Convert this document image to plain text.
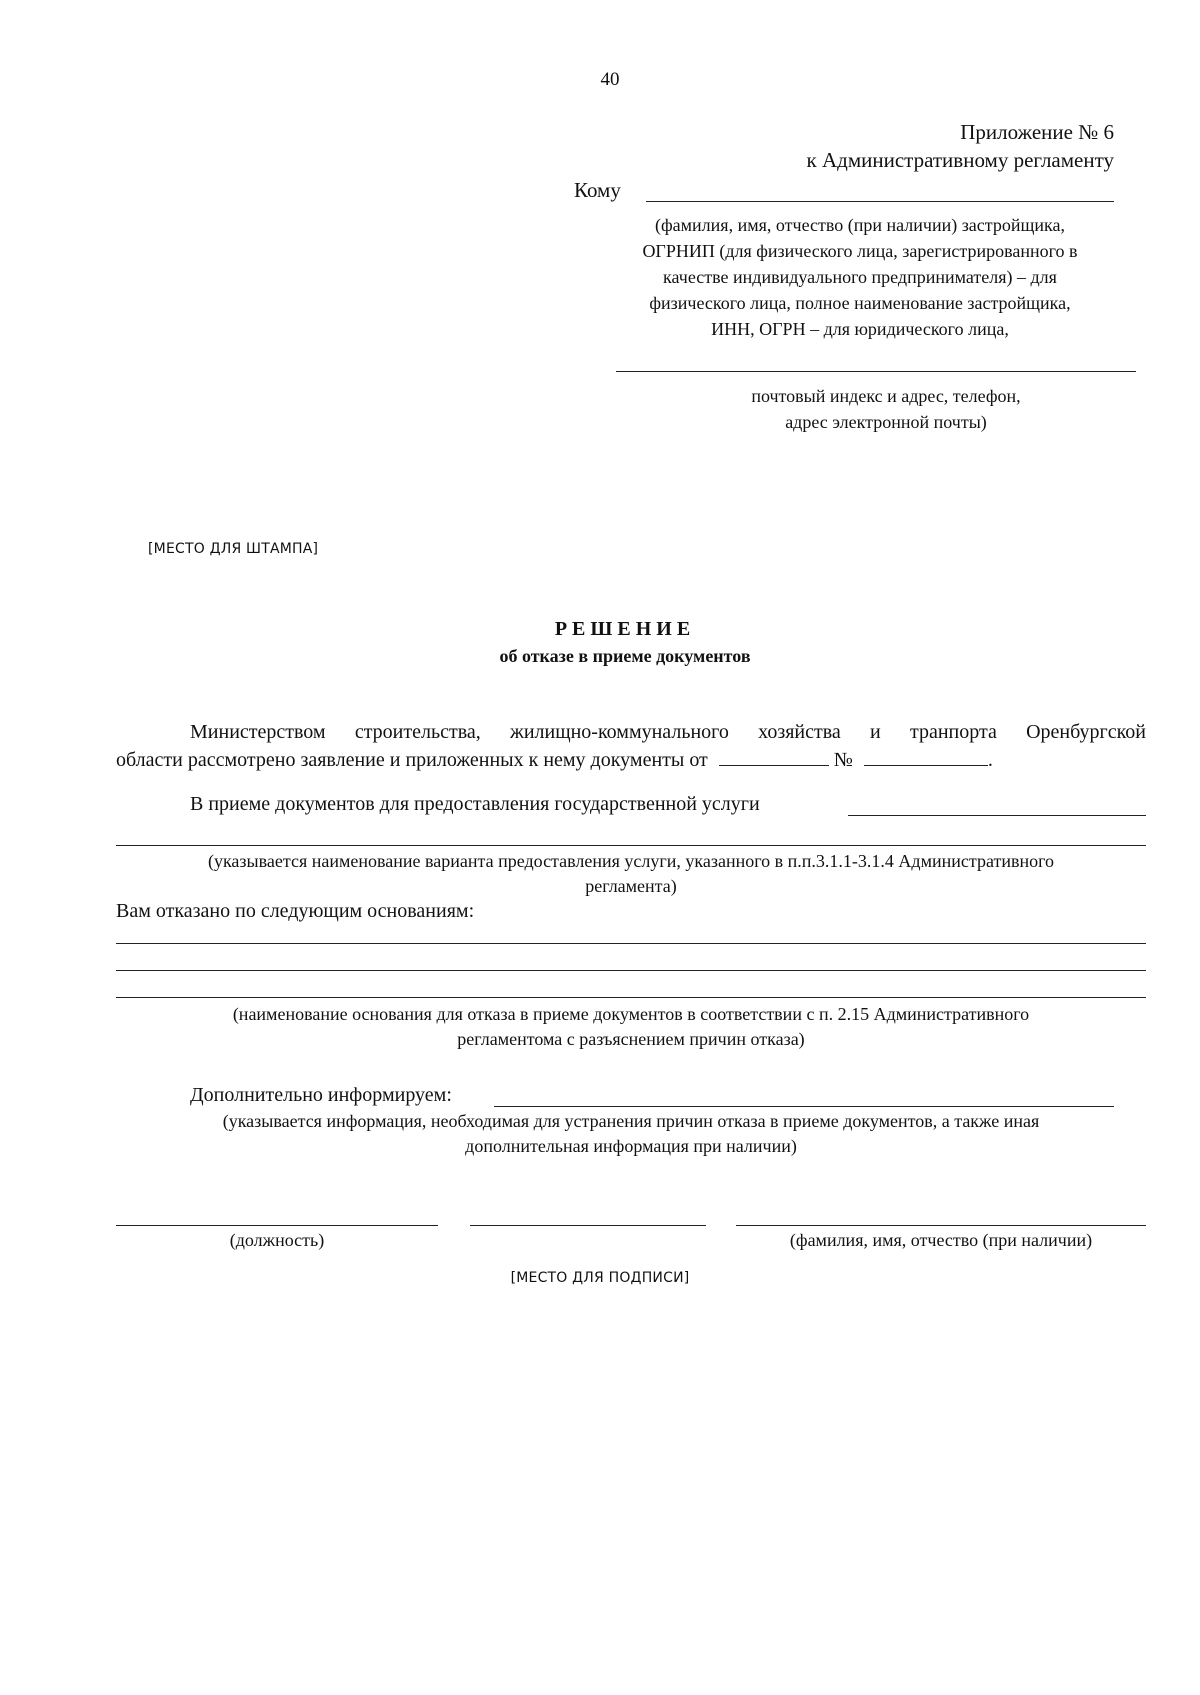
40
Приложение № 6
к Административному регламенту
Кому
(фамилия, имя, отчество (при наличии) застройщика,
ОГРНИП (для физического лица, зарегистрированного в
качестве индивидуального предпринимателя) – для
физического лица, полное наименование застройщика,
ИНН, ОГРН – для юридического лица,
почтовый индекс и адрес, телефон,
адрес электронной почты)
[МЕСТО ДЛЯ ШТАМПА]
РЕШЕНИЕ
об отказе в приеме документов
Министерством строительства, жилищно-коммунального хозяйства и транпорта Оренбургской
области рассмотрено заявление и приложенных к нему документы от	№	.
В приеме документов для предоставления государственной услуги
(указывается наименование варианта предоставления услуги, указанного в п.п.3.1.1-3.1.4 Административного
регламента)
Вам отказано по следующим основаниям:
(наименование основания для отказа в приеме документов в соответствии с п. 2.15 Административного
регламентома с разъяснением причин отказа)
Дополнительно информируем:
(указывается информация, необходимая для устранения причин отказа в приеме документов, а также иная
дополнительная информация при наличии)
(должность)	(фамилия, имя, отчество (при наличии)
[МЕСТО ДЛЯ ПОДПИСИ]
